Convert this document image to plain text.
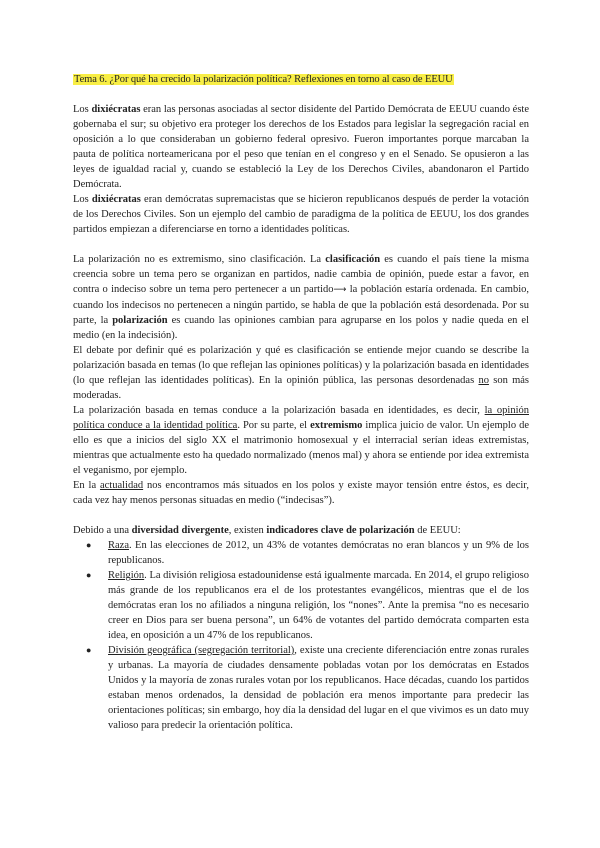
Tema 6. ¿Por qué ha crecido la polarización política? Reflexiones en torno al caso de EEUU

Los dixiécratas eran las personas asociadas al sector disidente del Partido Demócrata de EEUU cuando éste gobernaba el sur; su objetivo era proteger los derechos de los Estados para legislar la segregación racial en oposición a lo que consideraban un gobierno federal opresivo. Fueron importantes porque marcaban la pauta de política norteamericana por el peso que tenían en el congreso y en el Senado. Se opusieron a las leyes de igualdad racial y, cuando se estableció la Ley de los Derechos Civiles, abandonaron el Partido Demócrata.

Los dixiécratas eran demócratas supremacistas que se hicieron republicanos después de perder la votación de los Derechos Civiles. Son un ejemplo del cambio de paradigma de la política de EEUU, los dos grandes partidos empiezan a diferenciarse en torno a identidades políticas.

La polarización no es extremismo, sino clasificación. La clasificación es cuando el país tiene la misma creencia sobre un tema pero se organizan en partidos, nadie cambia de opinión, puede estar a favor, en contra o indeciso sobre un tema pero pertenecer a un partido⟶ la población estaría ordenada. En cambio, cuando los indecisos no pertenecen a ningún partido, se habla de que la población está desordenada. Por su parte, la polarización es cuando las opiniones cambian para agruparse en los polos y nadie queda en el medio (en la indecisión).

El debate por definir qué es polarización y qué es clasificación se entiende mejor cuando se describe la polarización basada en temas (lo que reflejan las opiniones políticas) y la polarización basada en identidades (lo que reflejan las identidades políticas). En la opinión pública, las personas desordenadas no son más moderadas.

La polarización basada en temas conduce a la polarización basada en identidades, es decir, la opinión política conduce a la identidad política. Por su parte, el extremismo implica juicio de valor. Un ejemplo de ello es que a inicios del siglo XX el matrimonio homosexual y el interracial serían ideas extremistas, mientras que actualmente esto ha quedado normalizado (menos mal) y ahora se entiende por idea extremista el veganismo, por ejemplo.

En la actualidad nos encontramos más situados en los polos y existe mayor tensión entre éstos, es decir, cada vez hay menos personas situadas en medio (“indecisas”).

Debido a una diversidad divergente, existen indicadores clave de polarización de EEUU:

● Raza. En las elecciones de 2012, un 43% de votantes demócratas no eran blancos y un 9% de los republicanos.
● Religión. La división religiosa estadounidense está igualmente marcada. En 2014, el grupo religioso más grande de los republicanos era el de los protestantes evangélicos, mientras que el de los demócratas eran los no afiliados a ninguna religión, los “nones”. Ante la premisa “no es necesario creer en Dios para ser buena persona”, un 64% de votantes del partido demócrata comparten esta idea, en oposición a un 47% de los republicanos.
● División geográfica (segregación territorial), existe una creciente diferenciación entre zonas rurales y urbanas. La mayoría de ciudades densamente pobladas votan por los demócratas en Estados Unidos y la mayoría de zonas rurales votan por los republicanos. Hace décadas, cuando los partidos estaban menos ordenados, la densidad de población era menos importante para predecir las orientaciones políticas; sin embargo, hoy día la densidad del lugar en el que vivimos es un dato muy valioso para predecir la orientación política.
